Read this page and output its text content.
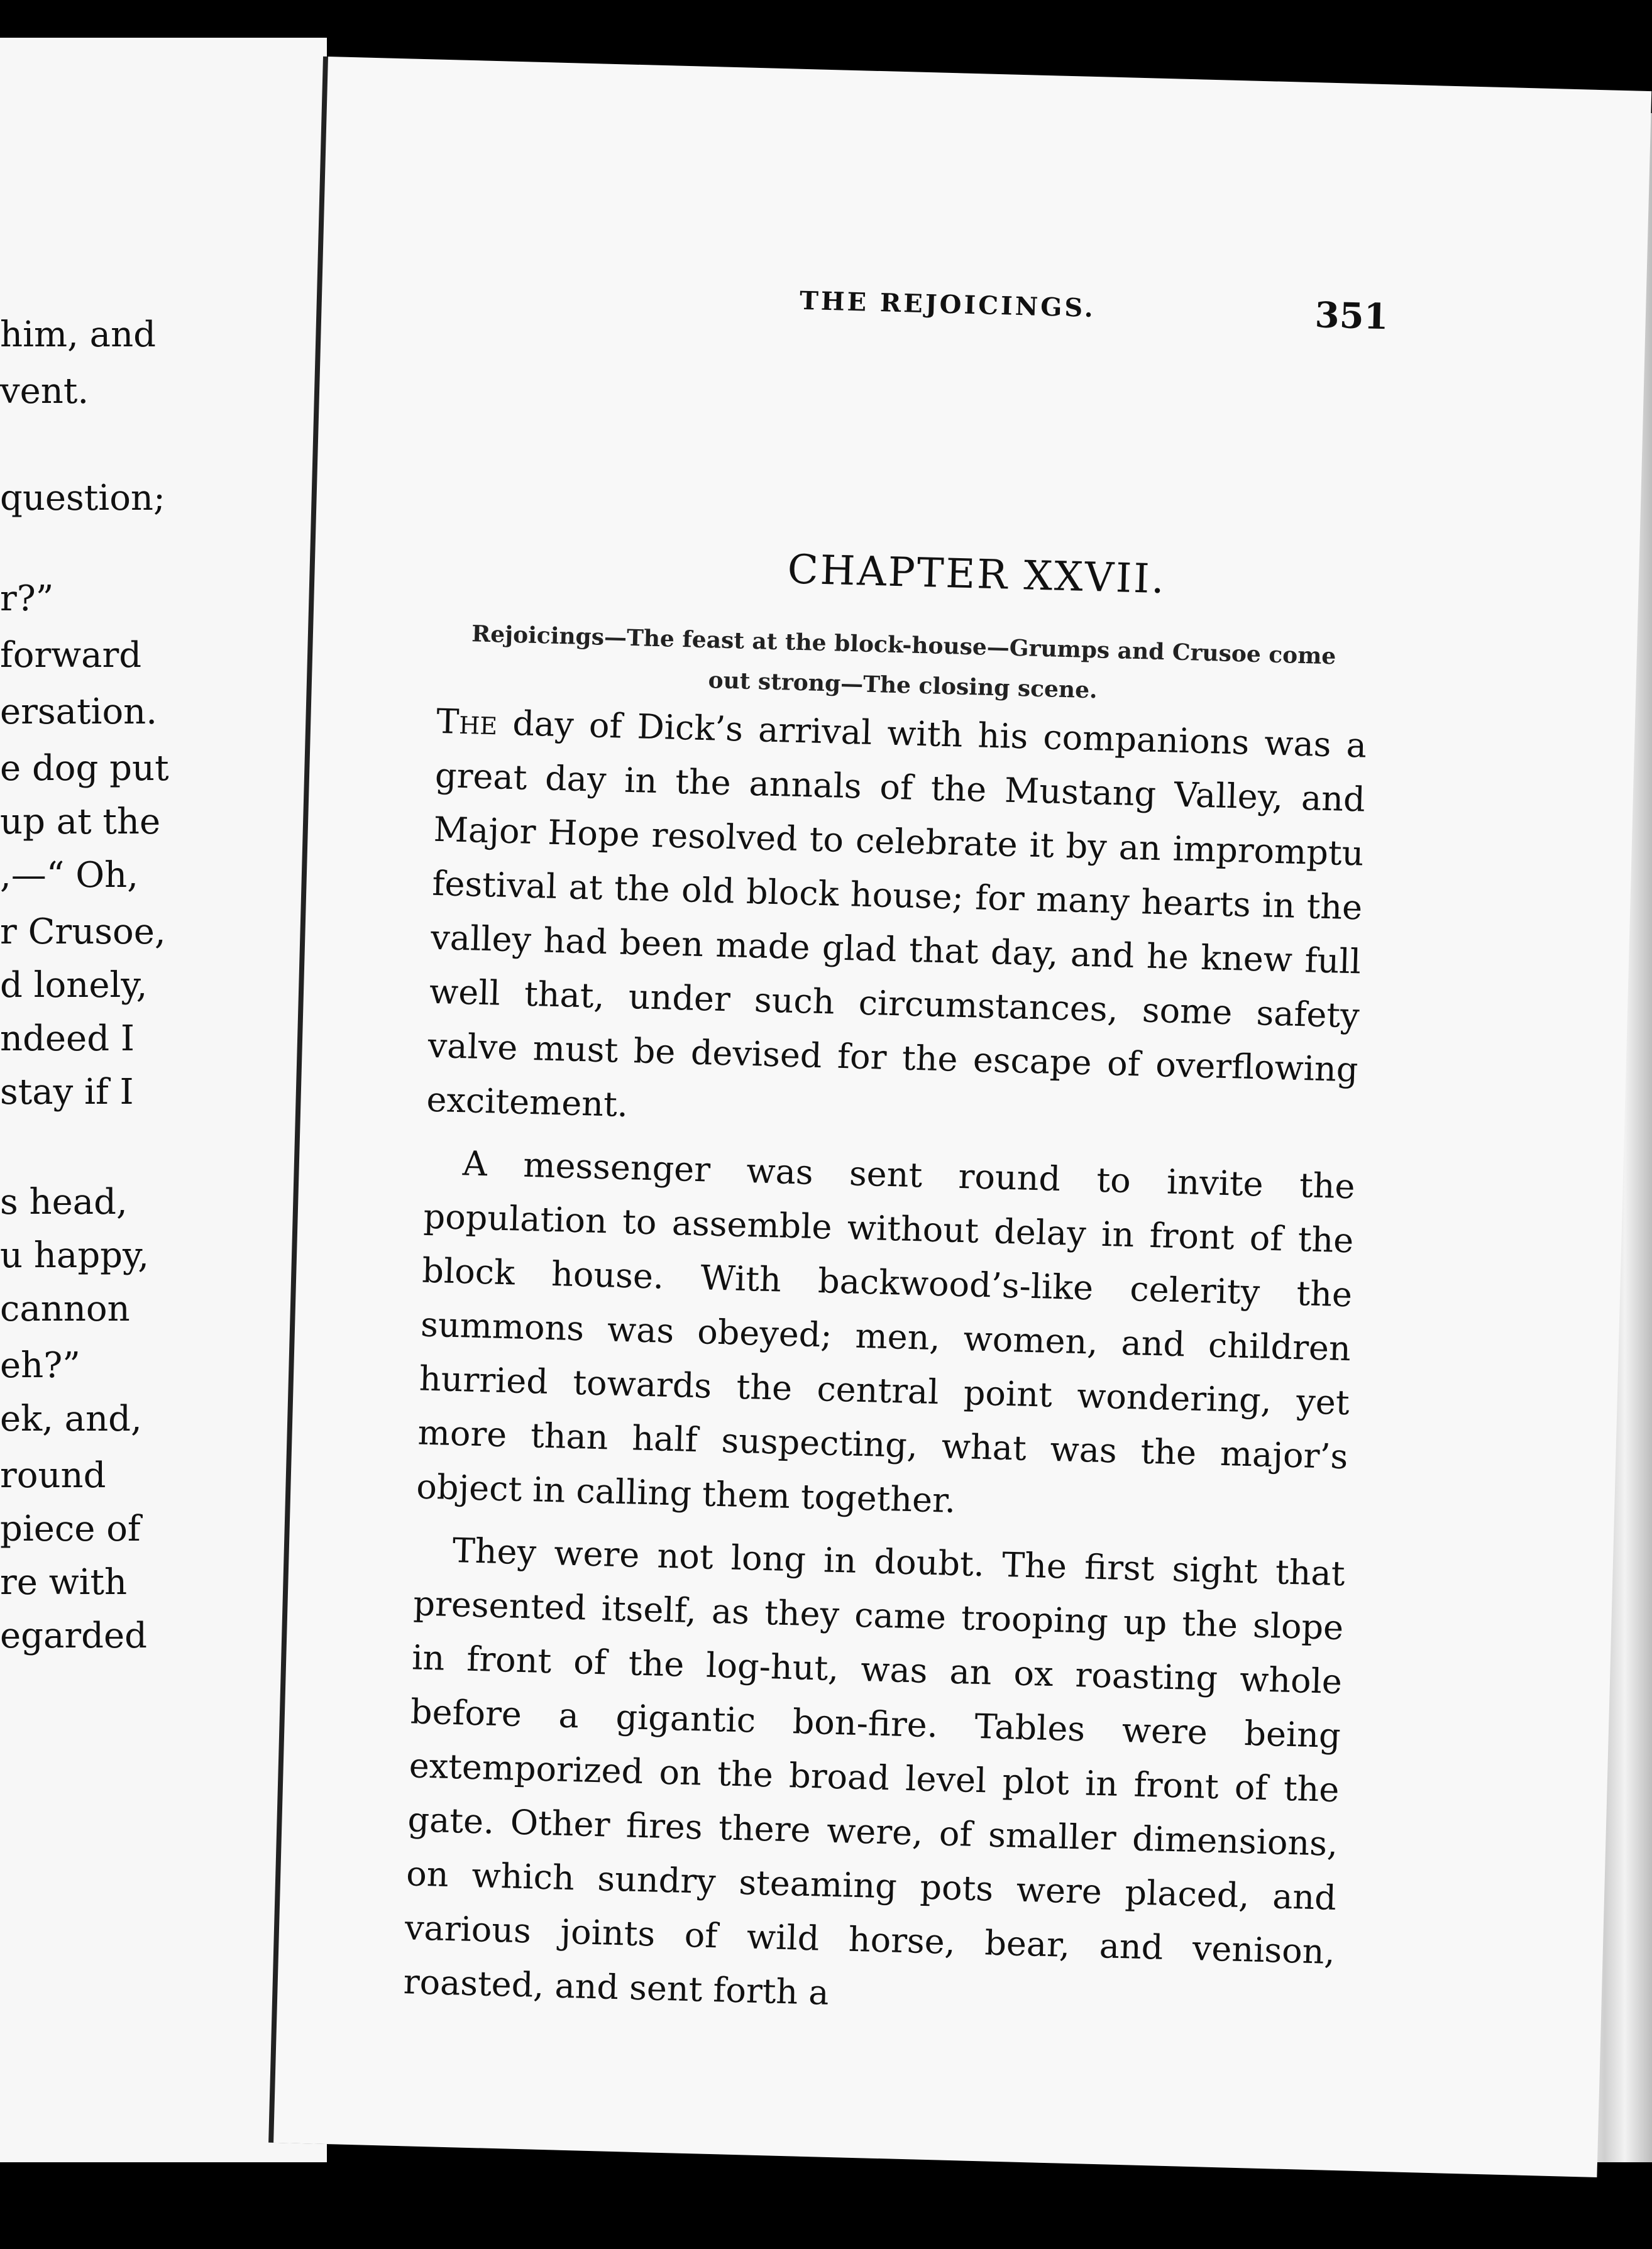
him, and
vent.
question;
r?”
forward
ersation.
e dog put
up at the
,—“ Oh,
r Crusoe,
d lonely,
ndeed I
stay if I
s head,
u happy,
cannon
eh?”
ek, and,
round
piece of
re with
egarded
THE REJOICINGS.	351
CHAPTER XXVII.
Rejoicings—The feast at the block-house—Grumps and Crusoe come out strong—The closing scene.

The day of Dick’s arrival with his companions was a great day in the annals of the Mustang Valley, and Major Hope resolved to celebrate it by an impromptu festival at the old block house; for many hearts in the valley had been made glad that day, and he knew full well that, under such circumstances, some safety valve must be devised for the escape of overflowing excitement.

A messenger was sent round to invite the population to assemble without delay in front of the block house. With backwood’s-like celerity the summons was obeyed; men, women, and children hurried towards the central point wondering, yet more than half suspecting, what was the major’s object in calling them together.

They were not long in doubt. The first sight that presented itself, as they came trooping up the slope in front of the log-hut, was an ox roasting whole before a gigantic bon-fire. Tables were being extemporized on the broad level plot in front of the gate. Other fires there were, of smaller dimensions, on which sundry steaming pots were placed, and various joints of wild horse, bear, and venison, roasted, and sent forth a
